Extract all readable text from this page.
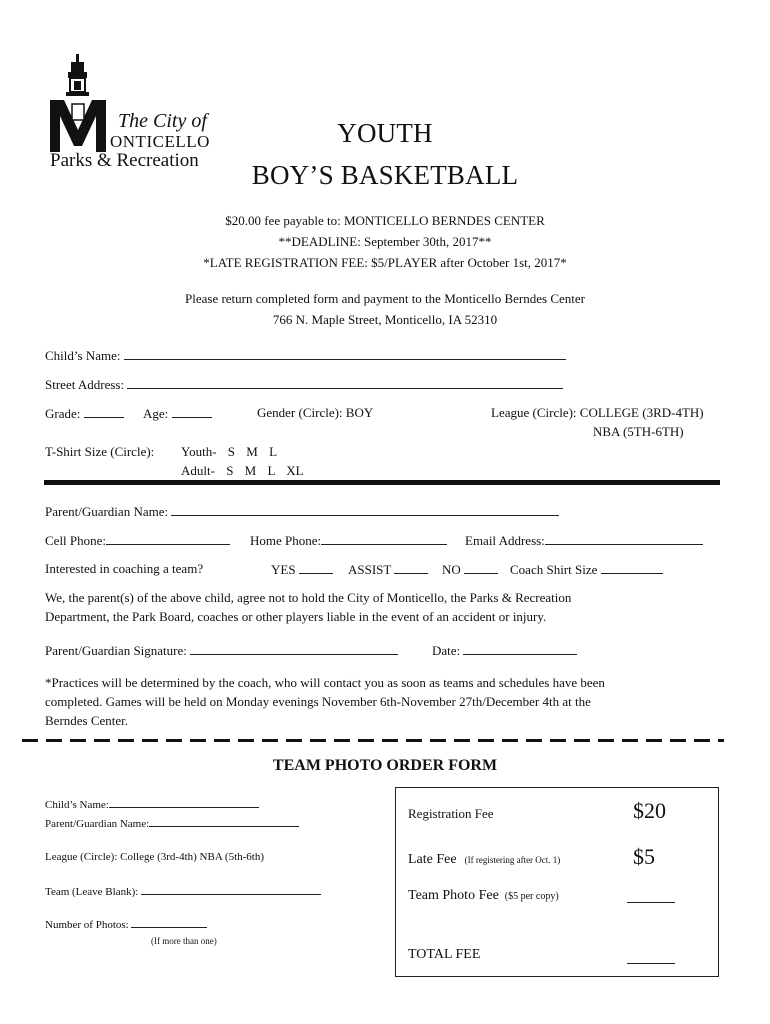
The City of
ONTICELLO
Parks & Recreation
YOUTH
BOY’S BASKETBALL
$20.00 fee payable to: MONTICELLO BERNDES CENTER
**DEADLINE: September 30th, 2017**
*LATE REGISTRATION FEE: $5/PLAYER after October 1st, 2017*
Please return completed form and payment to the Monticello Berndes Center
766 N. Maple Street, Monticello, IA 52310
Child’s Name:
Street Address:
Grade:	Age:	Gender (Circle): BOY	League (Circle): COLLEGE (3RD-4TH)
NBA (5TH-6TH)
T-Shirt Size (Circle): Youth- S M L
Adult- S M L XL
Parent/Guardian Name:
Cell Phone:	Home Phone:	Email Address:
Interested in coaching a team?	YES	ASSIST	NO	Coach Shirt Size
We, the parent(s) of the above child, agree not to hold the City of Monticello, the Parks & Recreation
Department, the Park Board, coaches or other players liable in the event of an accident or injury.
Parent/Guardian Signature:	Date:
*Practices will be determined by the coach, who will contact you as soon as teams and schedules have been
completed. Games will be held on Monday evenings November 6th-November 27th/December 4th at the
Berndes Center.
TEAM PHOTO ORDER FORM
Child’s Name:
Parent/Guardian Name:
League (Circle): College (3rd-4th) NBA (5th-6th)
Team (Leave Blank):
Number of Photos:
(If more than one)
Registration Fee	$20
Late Fee (If registering after Oct. 1)	$5
Team Photo Fee ($5 per copy)
TOTAL FEE
